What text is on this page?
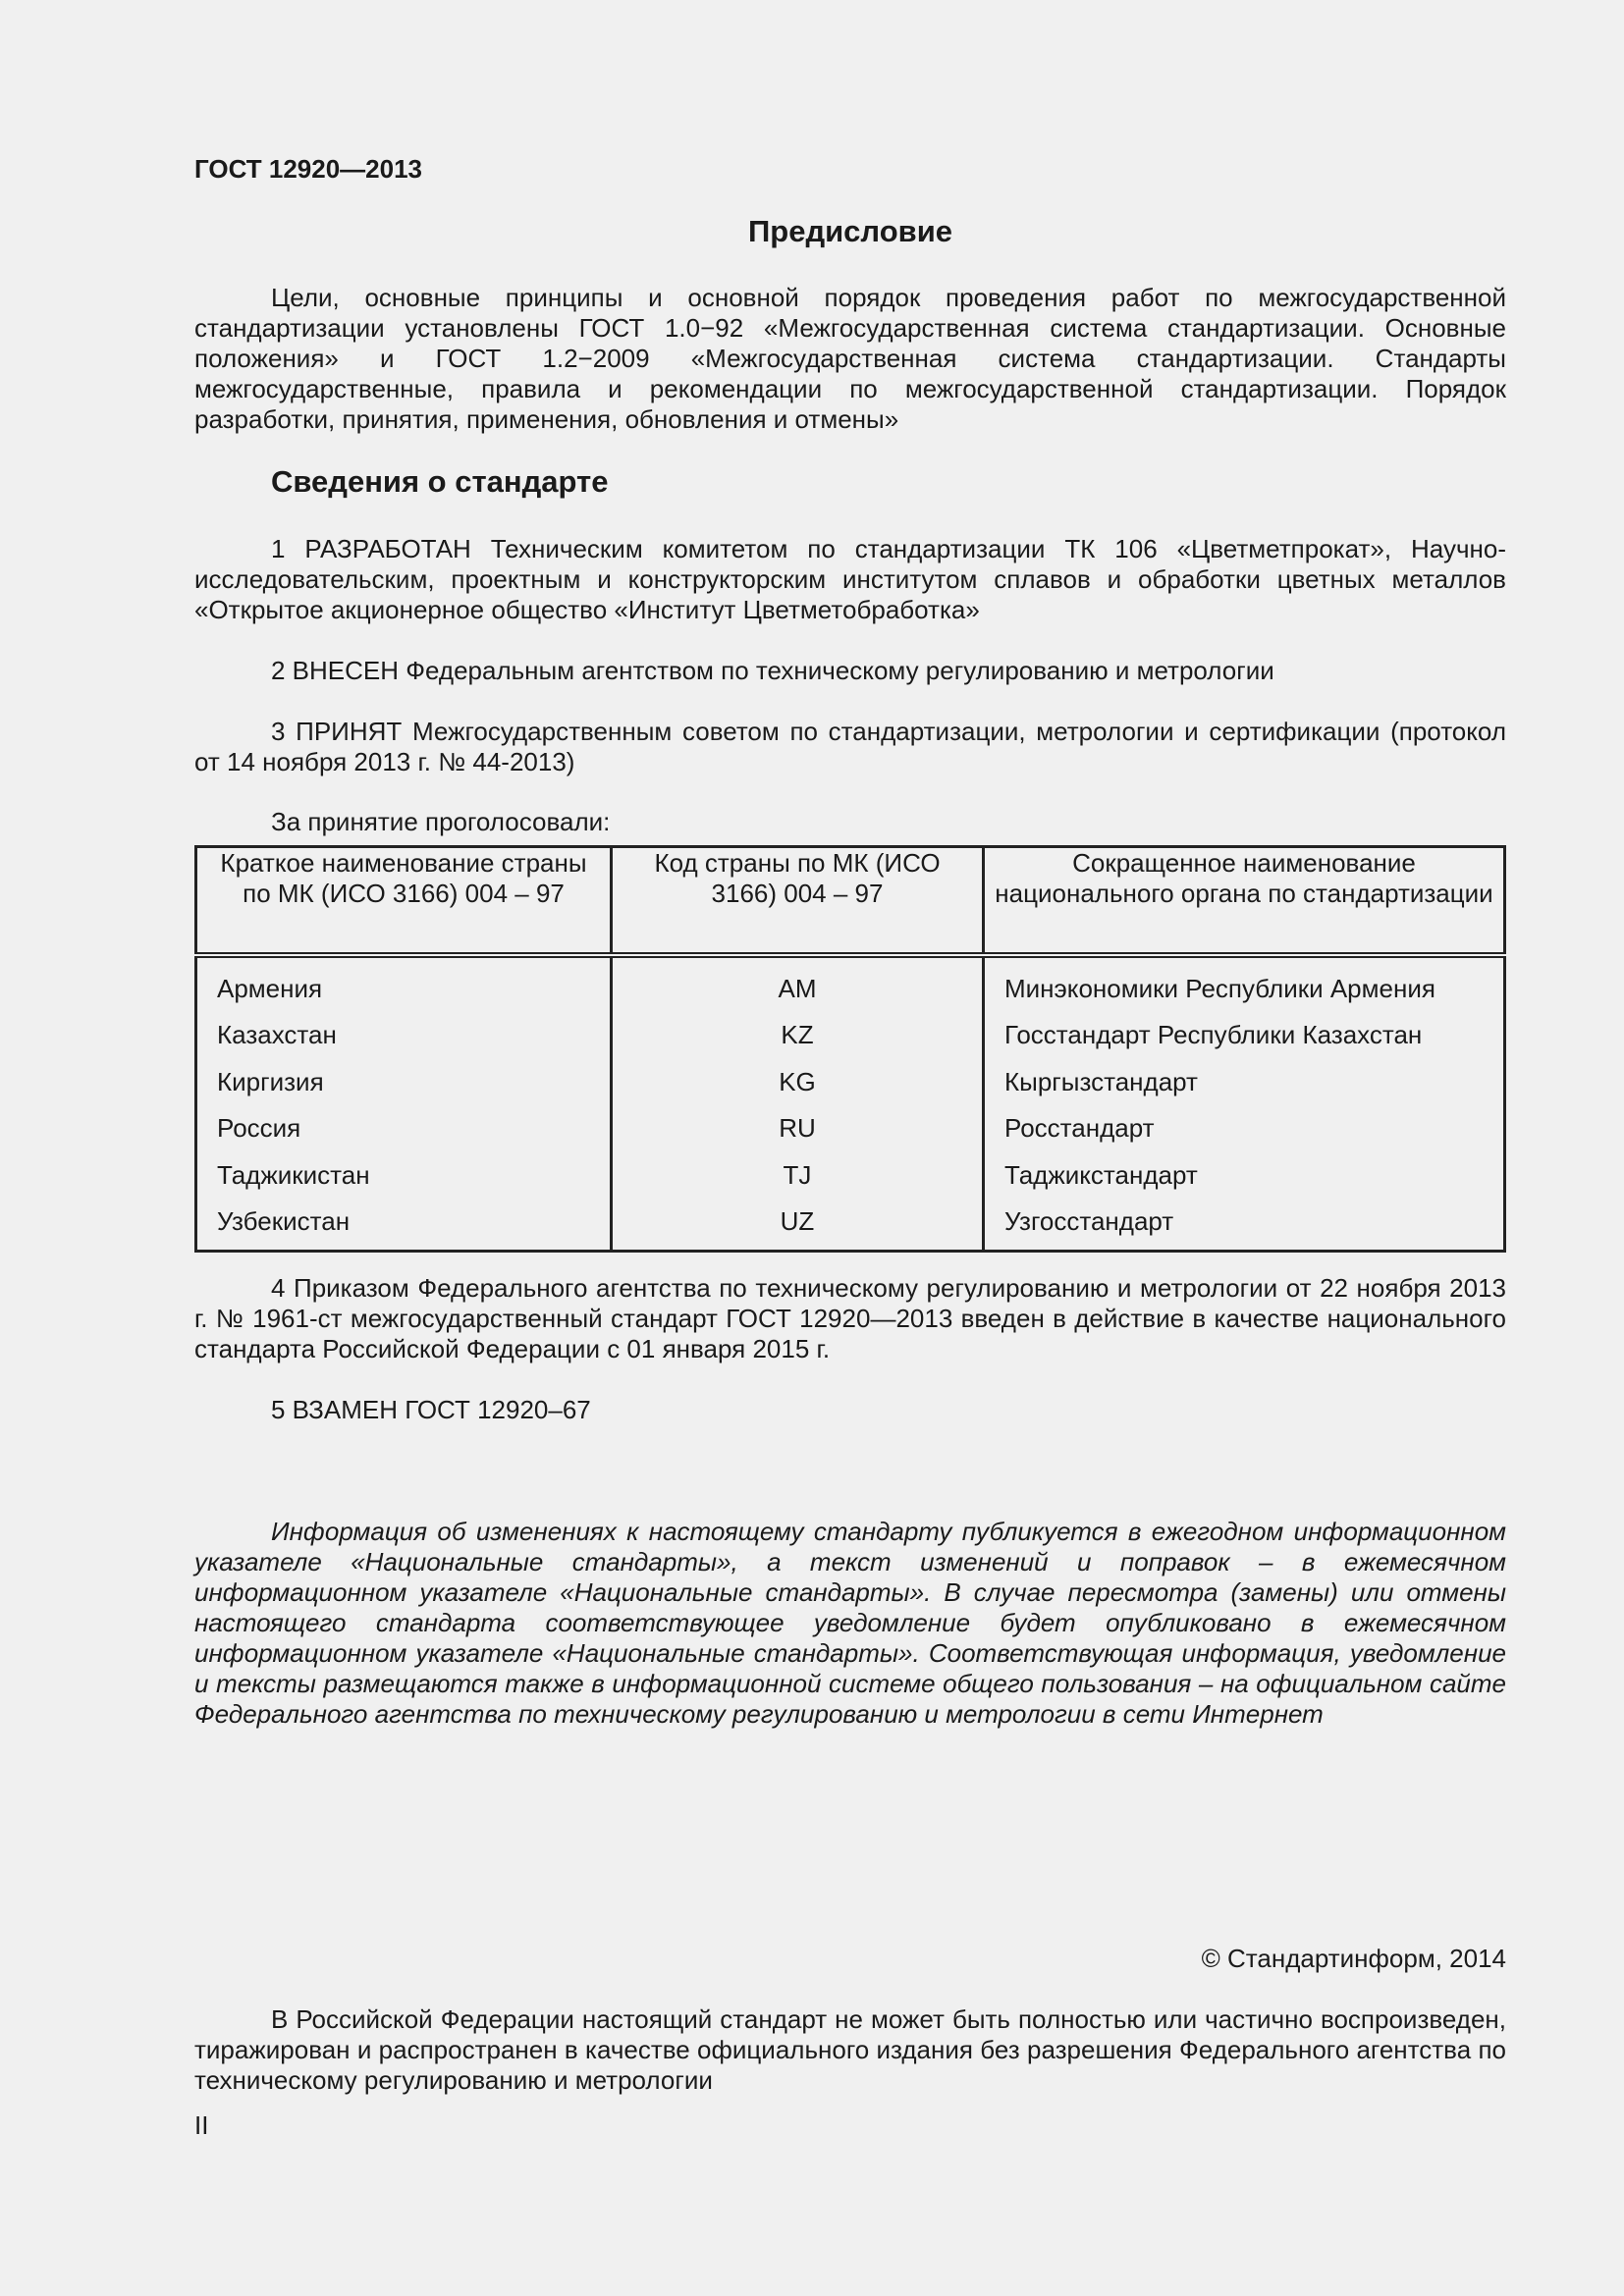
ГОСТ 12920—2013
Предисловие

Цели, основные принципы и основной порядок проведения работ по межгосударственной стандартизации установлены ГОСТ 1.0−92 «Межгосударственная система стандартизации. Основные положения» и ГОСТ 1.2−2009 «Межгосударственная система стандартизации. Стандарты межгосударственные, правила и рекомендации по межгосударственной стандартизации. Порядок разработки, принятия, применения, обновления и отмены»

Сведения о стандарте

1 РАЗРАБОТАН Техническим комитетом по стандартизации ТК 106 «Цветметпрокат», Научно-исследовательским, проектным и конструкторским институтом сплавов и обработки цветных металлов «Открытое акционерное общество «Институт Цветметобработка»

2 ВНЕСЕН Федеральным агентством по техническому регулированию и метрологии

3 ПРИНЯТ Межгосударственным советом по стандартизации, метрологии и сертификации (протокол от 14 ноября 2013 г. № 44-2013)

За принятие проголосовали:

Краткое наименование страны по МК (ИСО 3166) 004 – 97	Код страны по МК (ИСО 3166) 004 – 97	Сокращенное наименование национального органа по стандартизации
Армения	AM	Минэкономики Республики Армения
Казахстан	KZ	Госстандарт Республики Казахстан
Киргизия	KG	Кыргызстандарт
Россия	RU	Росстандарт
Таджикистан	TJ	Таджикстандарт
Узбекистан	UZ	Узгосстандарт

4 Приказом Федерального агентства по техническому регулированию и метрологии от 22 ноября 2013 г. № 1961-ст межгосударственный стандарт ГОСТ 12920—2013 введен в действие в качестве национального стандарта Российской Федерации с 01 января 2015 г.

5 ВЗАМЕН ГОСТ 12920–67

Информация об изменениях к настоящему стандарту публикуется в ежегодном информационном указателе «Национальные стандарты», а текст изменений и поправок – в ежемесячном информационном указателе «Национальные стандарты». В случае пересмотра (замены) или отмены настоящего стандарта соответствующее уведомление будет опубликовано в ежемесячном информационном указателе «Национальные стандарты». Соответствующая информация, уведомление и тексты размещаются также в информационной системе общего пользования – на официальном сайте Федерального агентства по техническому регулированию и метрологии в сети Интернет

© Стандартинформ, 2014

В Российской Федерации настоящий стандарт не может быть полностью или частично воспроизведен, тиражирован и распространен в качестве официального издания без разрешения Федерального агентства по техническому регулированию и метрологии

II
